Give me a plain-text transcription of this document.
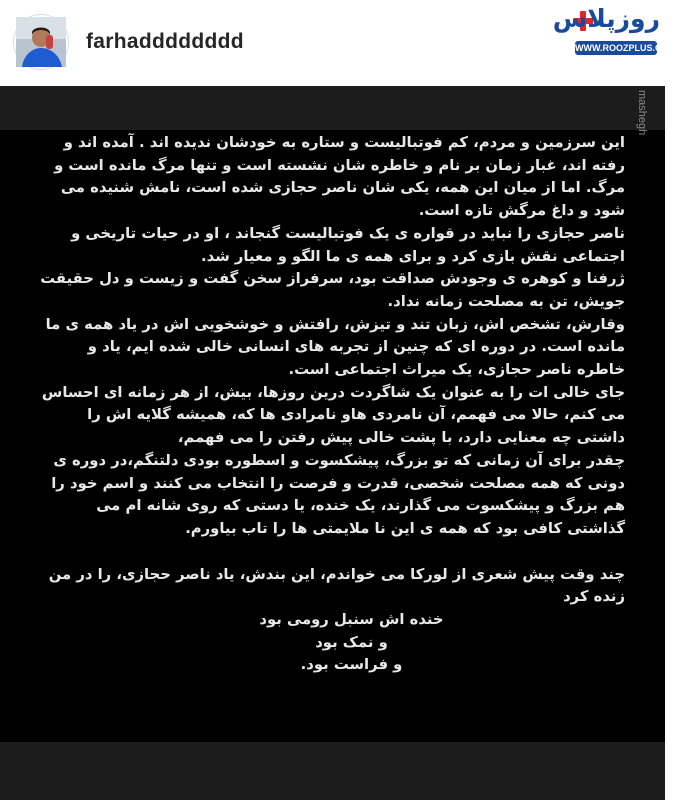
farhadddddddd
روزپلاس
WWW.ROOZPLUS.COM
mashegh

این سرزمین و مردم، کم فوتبالیست و ستاره به خودشان ندیده اند . آمده اند و رفته اند، غبار زمان بر نام و خاطره شان نشسته است و تنها مرگ مانده است و مرگ. اما از میان این همه، یکی شان ناصر حجازی شده است، نامش شنیده می شود و داغ مرگش تازه است.

ناصر حجازی را نباید در قواره ی یک فوتبالیست گنجاند ، او در حیات تاریخی و اجتماعی نقش بازی کرد و برای همه ی ما الگو و معیار شد.

ژرفنا و کوهره ی وجودش صداقت بود، سرفراز سخن گفت و زیست و دل حقیقت جویش، تن به مصلحت زمانه نداد.

وقارش، تشخص اش، زبان تند و تیزش، رافتش و خوشخویی اش در یاد همه ی ما مانده است. در دوره ای که چنین از تجربه های انسانی خالی شده ایم، یاد و خاطره ناصر حجازی، یک میراث اجتماعی است.

جای خالی ات را به عنوان یک شاگردت درین روزها، بیش، از هر زمانه ای احساس می کنم، حالا می فهمم، آن نامردی هاو نامرادی ها که، همیشه گلایه اش را داشتی چه معنایی دارد، با پشت خالی پیش رفتن را می فهمم،

چقدر برای آن زمانی که تو بزرگ، پیشکسوت و اسطوره بودی دلتنگم،در دوره ی دونی که همه مصلحت شخصی، قدرت و فرصت را انتخاب می کنند و اسم خود را هم بزرگ و پیشکسوت می گذارند، یک خنده، یا دستی که روی شانه ام می گذاشتی کافی بود که همه ی این نا ملایمتی ها را تاب بیاورم.

چند وقت پیش شعری از لورکا می خواندم، این بندش، یاد ناصر حجازی، را در من زنده کرد

خنده اش سنبل رومی بود

و نمک بود

و فراست بود.
